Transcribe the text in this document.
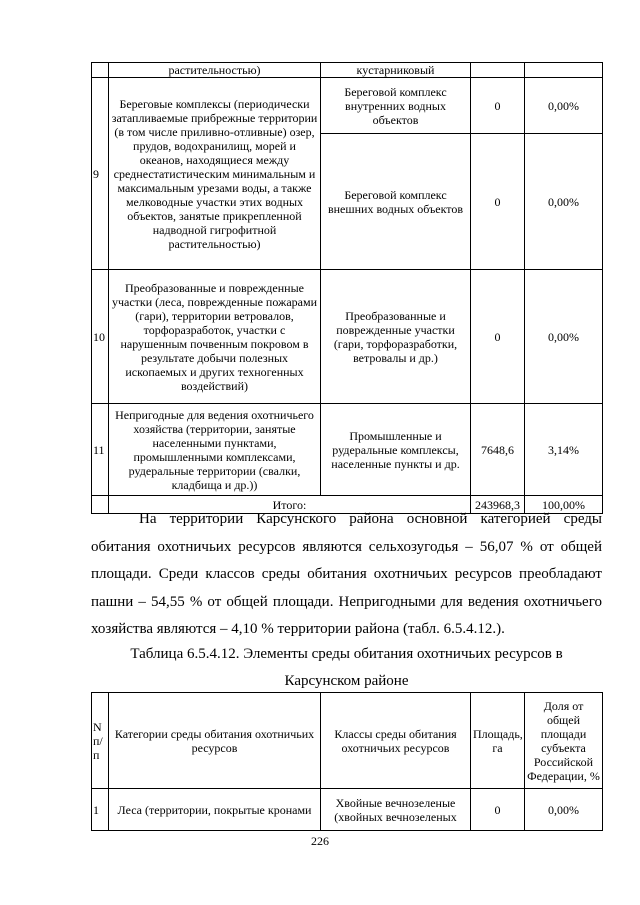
	растительностью)	кустарниковый		
9	Береговые комплексы (периодически затапливаемые прибрежные территории (в том числе приливно-отливные) озер, прудов, водохранилищ, морей и океанов, находящиеся между среднестатистическим минимальным и максимальным урезами воды, а также мелководные участки этих водных объектов, занятые прикрепленной надводной гигрофитной растительностью)	Береговой комплекс внутренних водных объектов	0	0,00%
		Береговой комплекс внешних водных объектов	0	0,00%
10	Преобразованные и поврежденные участки (леса, поврежденные пожарами (гари), территории ветровалов, торфоразработок, участки с нарушенным почвенным покровом в результате добычи полезных ископаемых и других техногенных воздействий)	Преобразованные и поврежденные участки (гари, торфоразработки, ветровалы и др.)	0	0,00%
11	Непригодные для ведения охотничьего хозяйства (территории, занятые населенными пунктами, промышленными комплексами, рудеральные территории (свалки, кладбища и др.))	Промышленные и рудеральные комплексы, населенные пункты и др.	7648,6	3,14%
	Итого:		243968,3	100,00%

На территории Карсунского района основной категорией среды обитания охотничьих ресурсов являются сельхозугодья – 56,07 % от общей площади. Среди классов среды обитания охотничьих ресурсов преобладают пашни – 54,55 % от общей площади. Непригодными для ведения охотничьего хозяйства являются – 4,10 % территории района (табл. 6.5.4.12.).

Таблица 6.5.4.12. Элементы среды обитания охотничьих ресурсов в
Карсунском районе
N п/п	Категории среды обитания охотничьих ресурсов	Классы среды обитания охотничьих ресурсов	Площадь, га	Доля от общей площади субъекта Российской Федерации, %
1	Леса (территории, покрытые кронами	Хвойные вечнозеленые (хвойных вечнозеленых	0	0,00%
226
